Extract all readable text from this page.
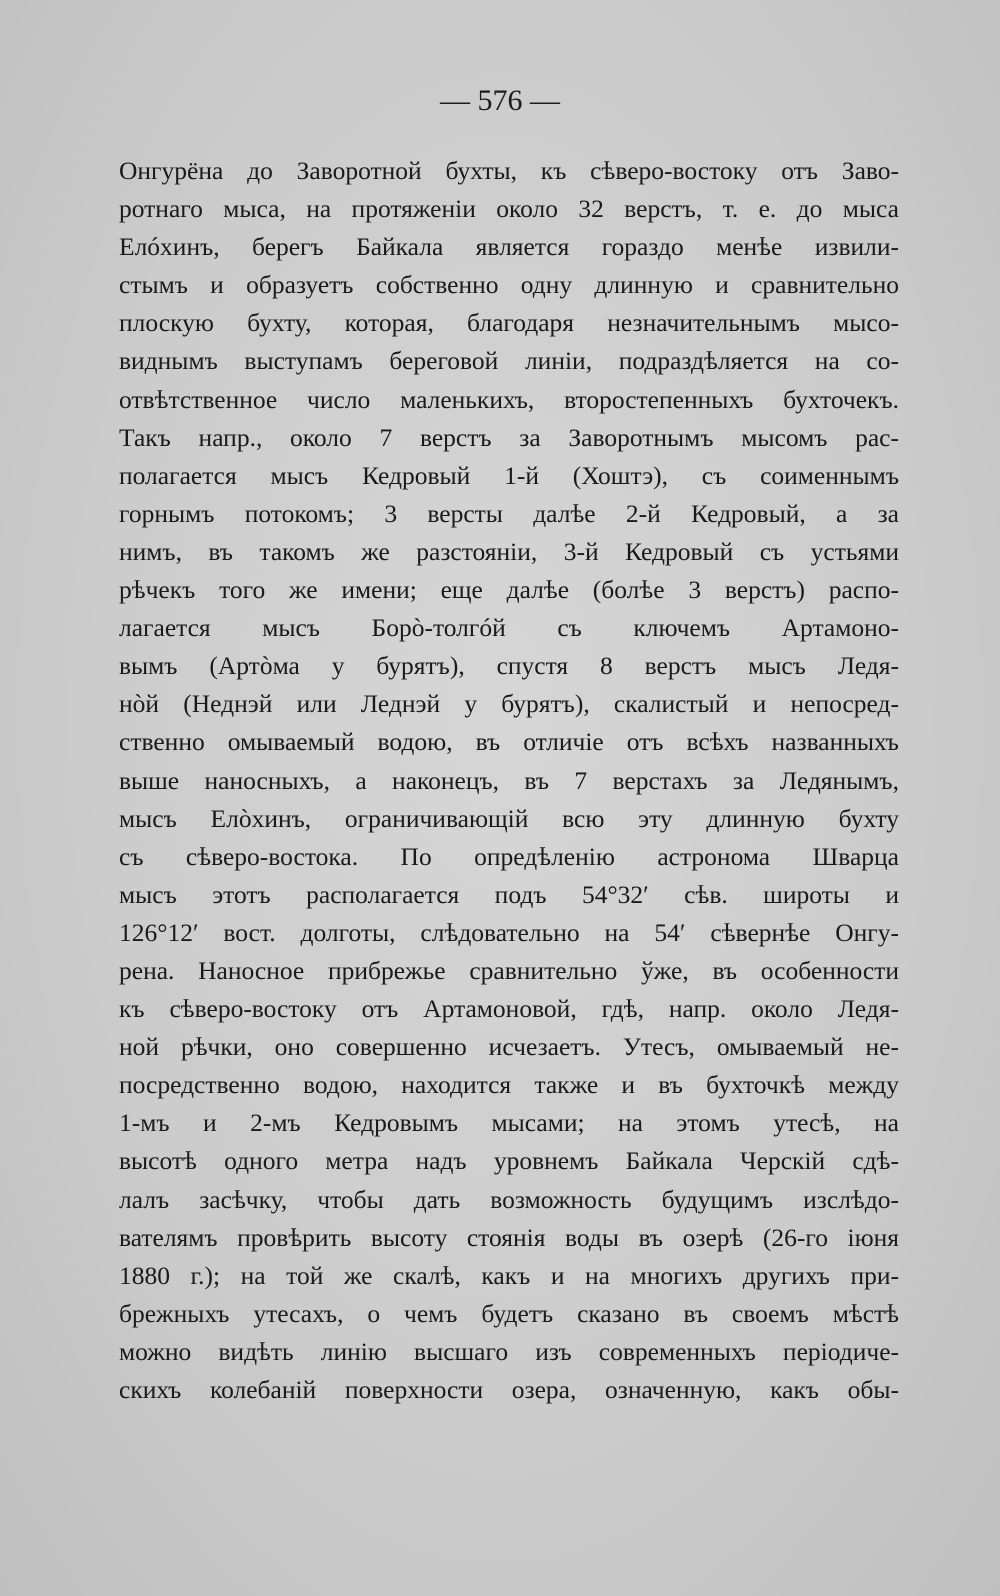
— 576 —
Онгурёна до Заворотной бухты, къ сѣверо-востоку отъ Заво-
ротнаго мыса, на протяженіи около 32 верстъ, т. е. до мыса
Елóхинъ, берегъ Байкала является гораздо менѣе извили-
стымъ и образуетъ собственно одну длинную и сравнительно
плоскую бухту, которая, благодаря незначительнымъ мысо-
виднымъ выступамъ береговой линіи, подраздѣляется на со-
отвѣтственное число маленькихъ, второстепенныхъ бухточекъ.
Такъ напр., около 7 верстъ за Заворотнымъ мысомъ рас-
полагается мысъ Кедровый 1-й (Хоштэ), съ соименнымъ
горнымъ потокомъ; 3 версты далѣе 2-й Кедровый, а за
нимъ, въ такомъ же разстояніи, 3-й Кедровый съ устьями
рѣчекъ того же имени; еще далѣе (болѣе 3 верстъ) распо-
лагается мысъ Борò-толгóй съ ключемъ Артамоно-
вымъ (Артòма у бурятъ), спустя 8 верстъ мысъ Ледя-
нòй (Неднэй или Леднэй у бурятъ), скалистый и непосред-
ственно омываемый водою, въ отличіе отъ всѣхъ названныхъ
выше наносныхъ, а наконецъ, въ 7 верстахъ за Ледянымъ,
мысъ Елòхинъ, ограничивающій всю эту длинную бухту
съ сѣверо-востока. По опредѣленію астронома Шварца
мысъ этотъ располагается подъ 54°32′ сѣв. широты и
126°12′ вост. долготы, слѣдовательно на 54′ сѣвернѣе Онгу-
рена. Наносное прибрежье сравнительно ўже, въ особенности
къ сѣверо-востоку отъ Артамоновой, гдѣ, напр. около Ледя-
ной рѣчки, оно совершенно исчезаетъ. Утесъ, омываемый не-
посредственно водою, находится также и въ бухточкѣ между
1-мъ и 2-мъ Кедровымъ мысами; на этомъ утесѣ, на
высотѣ одного метра надъ уровнемъ Байкала Черскій сдѣ-
лалъ засѣчку, чтобы дать возможность будущимъ изслѣдо-
вателямъ провѣрить высоту стоянія воды въ озерѣ (26-го іюня
1880 г.); на той же скалѣ, какъ и на многихъ другихъ при-
брежныхъ утесахъ, о чемъ будетъ сказано въ своемъ мѣстѣ
можно видѣть линію высшаго изъ современныхъ періодиче-
скихъ колебаній поверхности озера, означенную, какъ обы-
